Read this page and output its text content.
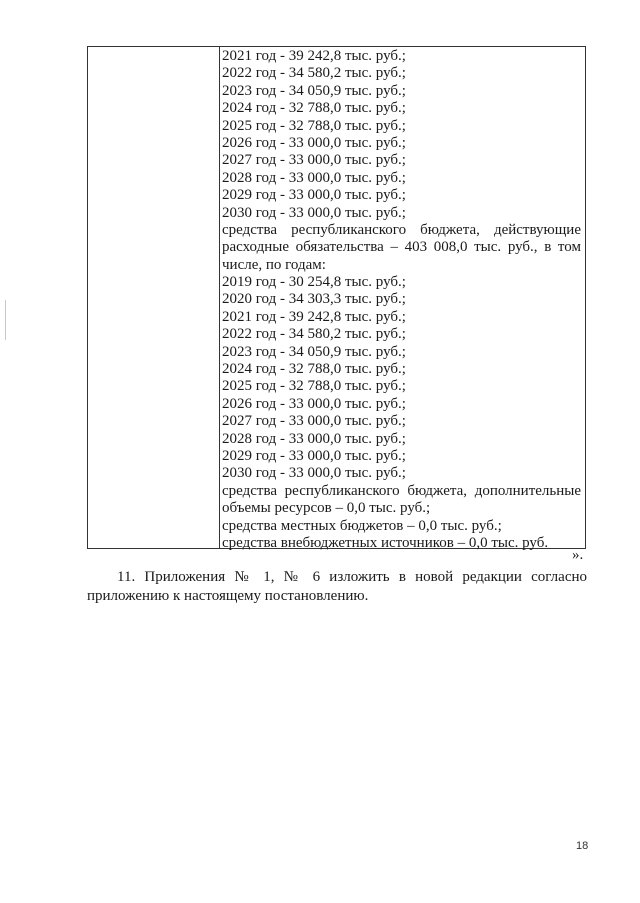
2021 год - 39 242,8 тыс. руб.;
2022 год - 34 580,2 тыс. руб.;
2023 год - 34 050,9 тыс. руб.;
2024 год - 32 788,0 тыс. руб.;
2025 год - 32 788,0 тыс. руб.;
2026 год - 33 000,0 тыс. руб.;
2027 год - 33 000,0 тыс. руб.;
2028 год - 33 000,0 тыс. руб.;
2029 год - 33 000,0 тыс. руб.;
2030 год - 33 000,0 тыс. руб.;
средства республиканского бюджета, действующие
расходные обязательства – 403 008,0 тыс. руб., в том
числе, по годам:
2019 год - 30 254,8 тыс. руб.;
2020 год - 34 303,3 тыс. руб.;
2021 год - 39 242,8 тыс. руб.;
2022 год - 34 580,2 тыс. руб.;
2023 год - 34 050,9 тыс. руб.;
2024 год - 32 788,0 тыс. руб.;
2025 год - 32 788,0 тыс. руб.;
2026 год - 33 000,0 тыс. руб.;
2027 год - 33 000,0 тыс. руб.;
2028 год - 33 000,0 тыс. руб.;
2029 год - 33 000,0 тыс. руб.;
2030 год - 33 000,0 тыс. руб.;
средства республиканского бюджета, дополнительные
объемы ресурсов – 0,0 тыс. руб.;
средства местных бюджетов – 0,0 тыс. руб.;
средства внебюджетных источников – 0,0 тыс. руб.
».
11. Приложения № 1, № 6 изложить в новой редакции согласно
приложению к настоящему постановлению.
18
